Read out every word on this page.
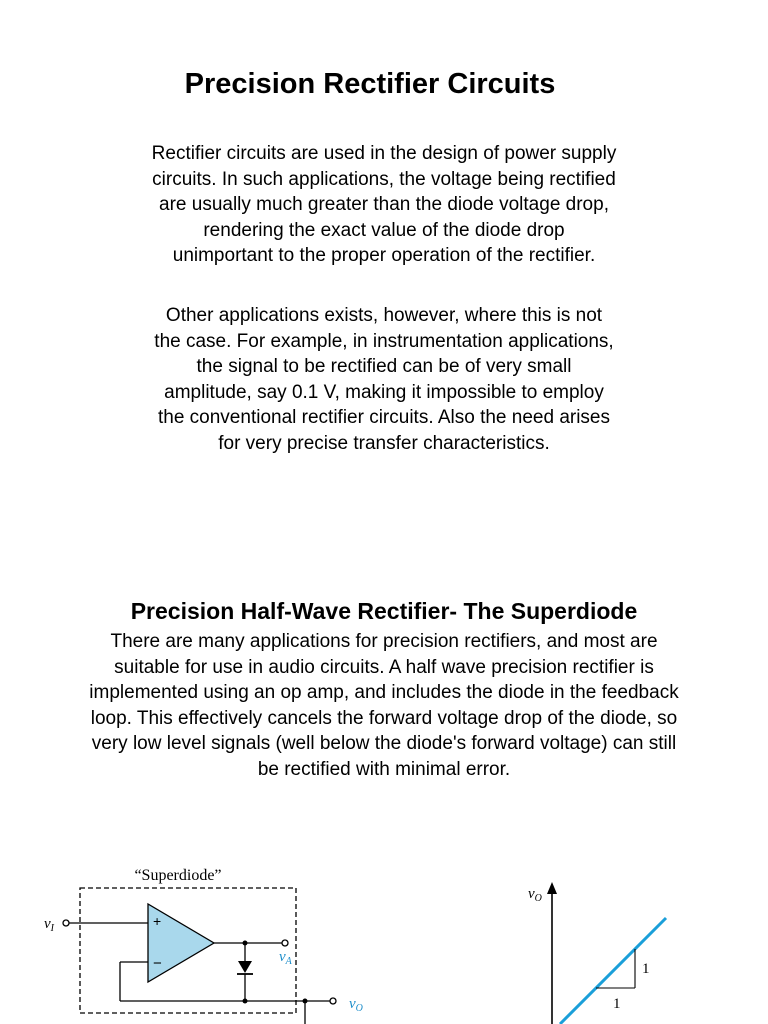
Precision Rectifier Circuits

Rectifier circuits are used in the design of power supply
circuits. In such applications, the voltage being rectified
are usually much greater than the diode voltage drop,
rendering the exact value of the diode drop
unimportant to the proper operation of the rectifier.

Other applications exists, however, where this is not
the case. For example, in instrumentation applications,
the signal to be rectified can be of very small
amplitude, say 0.1 V, making it impossible to employ
the conventional rectifier circuits. Also the need arises
for very precise transfer characteristics.

Precision Half-Wave Rectifier- The Superdiode

There are many applications for precision rectifiers, and most are
suitable for use in audio circuits. A half wave precision rectifier is
implemented using an op amp, and includes the diode in the feedback
loop. This effectively cancels the forward voltage drop of the diode, so
very low level signals (well below the diode's forward voltage) can still
be rectified with minimal error.

“Superdiode”
$v_I$	+
−	$v_A$
$v_O$
$v_O$
1
1
